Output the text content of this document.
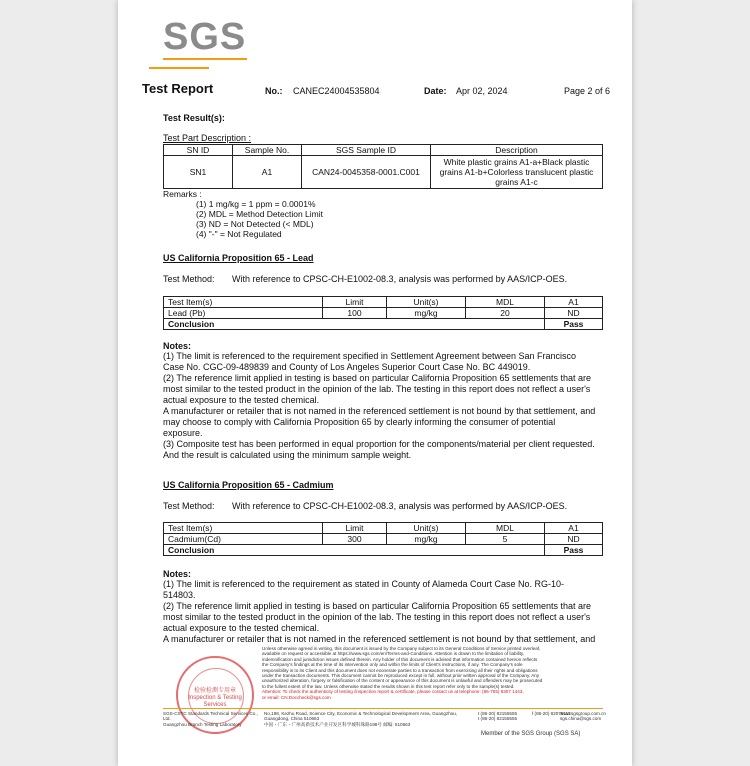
SGS
Test Report	No.: CANEC24004535804	Date: Apr 02, 2024	Page 2 of 6
Test Result(s):
Test Part Description :
SN ID	Sample No.	SGS Sample ID	Description
SN1	A1	CAN24-0045358-0001.C001	White plastic grains A1-a+Black plastic grains A1-b+Colorless translucent plastic grains A1-c
Remarks :
(1) 1 mg/kg = 1 ppm = 0.0001%
(2) MDL = Method Detection Limit
(3) ND = Not Detected (< MDL)
(4) "-" = Not Regulated
US California Proposition 65 - Lead
Test Method: With reference to CPSC-CH-E1002-08.3, analysis was performed by AAS/ICP-OES.
Test Item(s)	Limit	Unit(s)	MDL	A1
Lead (Pb)	100	mg/kg	20	ND
Conclusion				Pass
Notes:

(1) The limit is referenced to the requirement specified in Settlement Agreement between San Francisco

Case No. CGC-09-489839 and County of Los Angeles Superior Court Case No. BC 449019.

(2) The reference limit applied in testing is based on particular California Proposition 65 settlements that are

most similar to the tested product in the opinion of the lab. The testing in this report does not reflect a user's

actual exposure to the tested chemical.

A manufacturer or retailer that is not named in the referenced settlement is not bound by that settlement, and

may choose to comply with California Proposition 65 by clearly informing the consumer of potential

exposure.

(3) Composite test has been performed in equal proportion for the components/material per client requested.

And the result is calculated using the minimum sample weight.

US California Proposition 65 - Cadmium
Test Method: With reference to CPSC-CH-E1002-08.3, analysis was performed by AAS/ICP-OES.
Test Item(s)	Limit	Unit(s)	MDL	A1
Cadmium(Cd)	300	mg/kg	5	ND
Conclusion				Pass
Notes:

(1) The limit is referenced to the requirement as stated in County of Alameda Court Case No. RG-10-

514803.

(2) The reference limit applied in testing is based on particular California Proposition 65 settlements that are

most similar to the tested product in the opinion of the lab. The testing in this report does not reflect a user's

actual exposure to the tested chemical.

A manufacturer or retailer that is not named in the referenced settlement is not bound by that settlement, and

检验检测专用章
Inspection & Testing Services
Unless otherwise agreed in writing, this document is issued by the Company subject to its General Conditions of Service printed overleaf,
available on request or accessible at https://www.sgs.com/en/Terms-and-Conditions. Attention is drawn to the limitation of liability,
indemnification and jurisdiction issues defined therein. Any holder of this document is advised that information contained hereon reflects
the Company's findings at the time of its intervention only and within the limits of Client's instructions, if any. The Company's sole
responsibility is to its Client and this document does not exonerate parties to a transaction from exercising all their rights and obligations
under the transaction documents. This document cannot be reproduced except in full, without prior written approval of the Company. Any
unauthorized alteration, forgery or falsification of the content or appearance of this document is unlawful and offenders may be prosecuted
to the fullest extent of the law. Unless otherwise stated the results shown in this test report refer only to the sample(s) tested.
Attention: To check the authenticity of testing /inspection report & certificate, please contact us at telephone: (86-755) 8307 1443,
or email: CN.Doccheck@sgs.com
SGS-CSTC Standards Technical Services Co., Ltd.
Guangzhou Branch Testing Laboratory
No.198, Kezhu Road, Science City, Economic & Technological Development Area, Guangzhou, Guangdong, China 510663
中国・广东・广州高新技术产业开发区科学城科珠路198号 邮编: 510663
t (86-20) 82155555
t (86-20) 82155555
f (86-20) 82075113
www.sgsgroup.com.cn
sgs.china@sgs.com
Member of the SGS Group (SGS SA)
